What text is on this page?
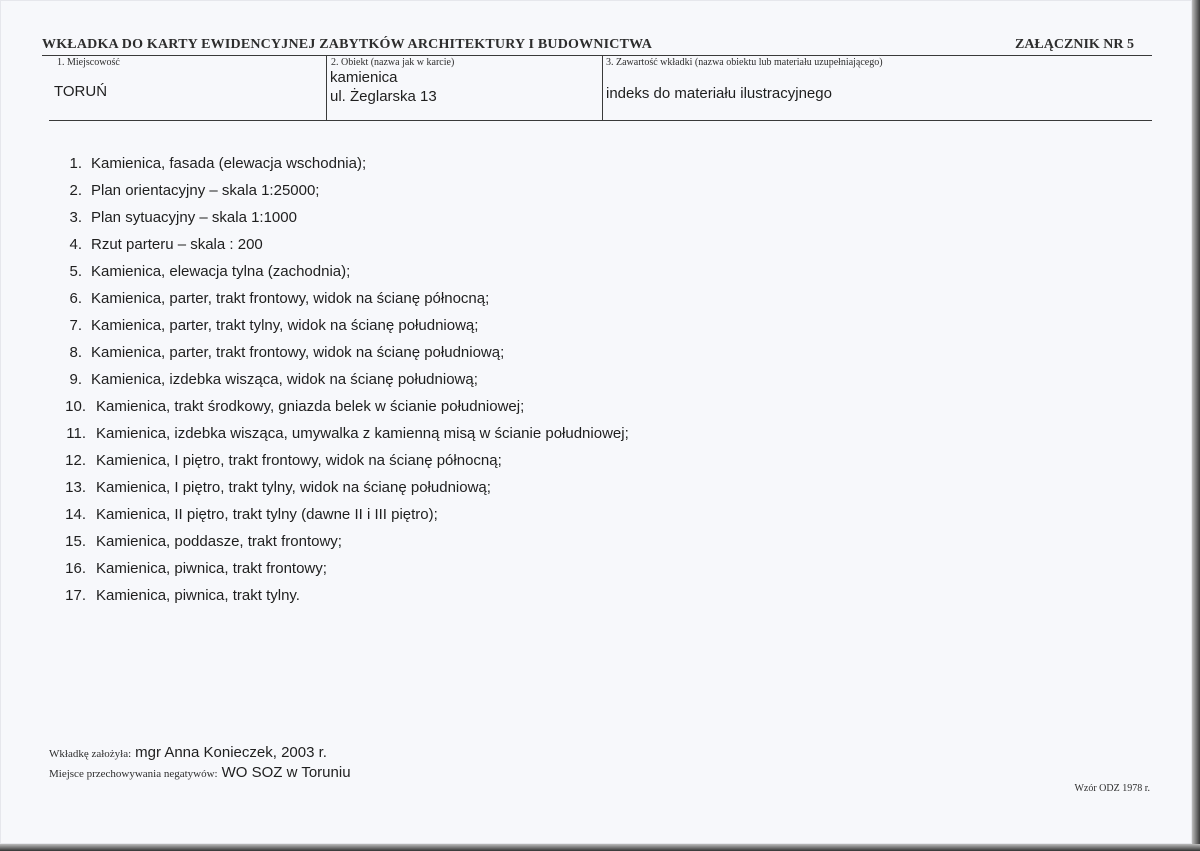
WKŁADKA DO KARTY EWIDENCYJNEJ ZABYTKÓW ARCHITEKTURY I BUDOWNICTWA	ZAŁĄCZNIK NR 5
1. Miejscowość
TORUŃ
2. Obiekt (nazwa jak w karcie)
kamienica
ul. Żeglarska 13
3. Zawartość wkładki (nazwa obiektu lub materiału uzupełniającego)
indeks do materiału ilustracyjnego
1. Kamienica, fasada (elewacja wschodnia);
2. Plan orientacyjny – skala 1:25000;
3. Plan sytuacyjny – skala 1:1000
4. Rzut parteru – skala : 200
5. Kamienica, elewacja tylna (zachodnia);
6. Kamienica, parter, trakt frontowy, widok na ścianę północną;
7. Kamienica, parter, trakt tylny, widok na ścianę południową;
8. Kamienica, parter, trakt frontowy, widok na ścianę południową;
9. Kamienica, izdebka wisząca, widok na ścianę południową;
10. Kamienica, trakt środkowy, gniazda belek w ścianie południowej;
11. Kamienica, izdebka wisząca, umywalka z kamienną misą w ścianie południowej;
12. Kamienica, I piętro, trakt frontowy, widok na ścianę północną;
13. Kamienica, I piętro, trakt tylny, widok na ścianę południową;
14. Kamienica, II piętro, trakt tylny (dawne II i III piętro);
15. Kamienica, poddasze, trakt frontowy;
16. Kamienica, piwnica, trakt frontowy;
17. Kamienica, piwnica, trakt tylny.
Wkładkę założyła: mgr Anna Konieczek, 2003 r.
Miejsce przechowywania negatywów: WO SOZ w Toruniu
Wzór ODZ 1978 r.
